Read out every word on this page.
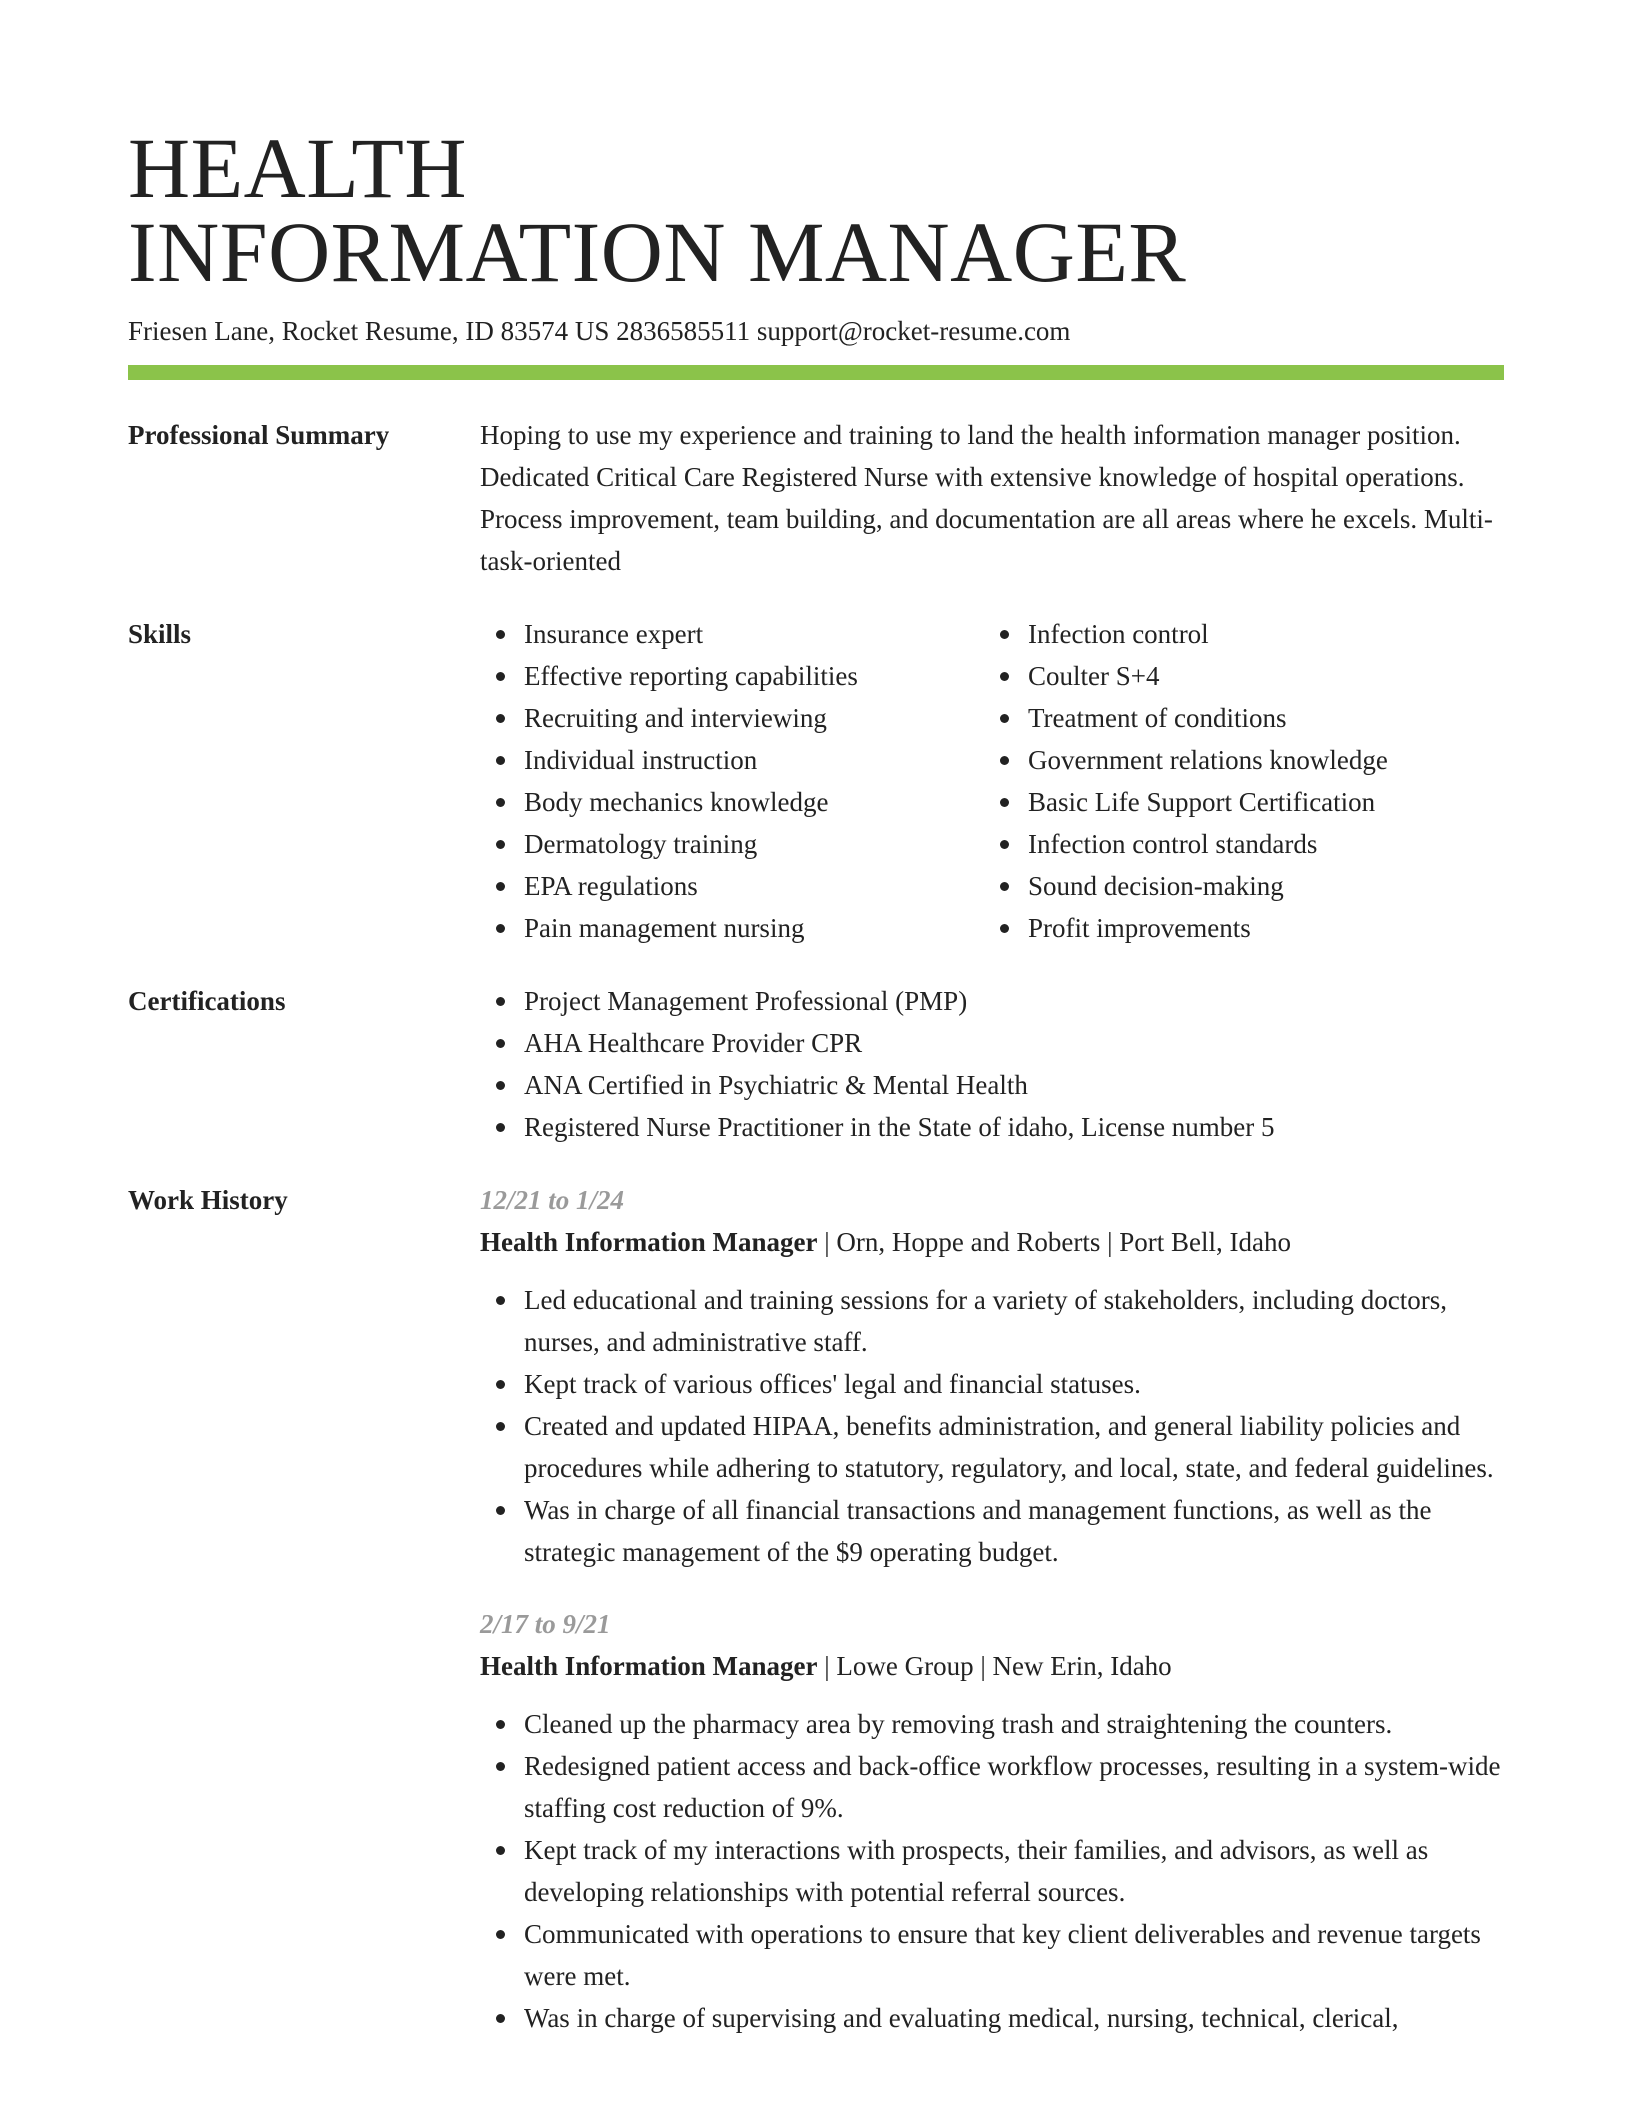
HEALTH
INFORMATION MANAGER
Friesen Lane, Rocket Resume, ID 83574 US 2836585511 support@rocket-resume.com
Professional Summary	Hoping to use my experience and training to land the health information manager position. Dedicated Critical Care Registered Nurse with extensive knowledge of hospital operations. Process improvement, team building, and documentation are all areas where he excels. Multi-task-oriented
Skills	Insurance expert
Effective reporting capabilities
Recruiting and interviewing
Individual instruction
Body mechanics knowledge
Dermatology training
EPA regulations
Pain management nursing
Infection control
Coulter S+4
Treatment of conditions
Government relations knowledge
Basic Life Support Certification
Infection control standards
Sound decision-making
Profit improvements
Certifications	Project Management Professional (PMP)
AHA Healthcare Provider CPR
ANA Certified in Psychiatric & Mental Health
Registered Nurse Practitioner in the State of idaho, License number 5
Work History	12/21 to 1/24
Health Information Manager | Orn, Hoppe and Roberts | Port Bell, Idaho
Led educational and training sessions for a variety of stakeholders, including doctors, nurses, and administrative staff.
Kept track of various offices' legal and financial statuses.
Created and updated HIPAA, benefits administration, and general liability policies and procedures while adhering to statutory, regulatory, and local, state, and federal guidelines.
Was in charge of all financial transactions and management functions, as well as the strategic management of the $9 operating budget.
2/17 to 9/21
Health Information Manager | Lowe Group | New Erin, Idaho
Cleaned up the pharmacy area by removing trash and straightening the counters.
Redesigned patient access and back-office workflow processes, resulting in a system-wide staffing cost reduction of 9%.
Kept track of my interactions with prospects, their families, and advisors, as well as developing relationships with potential referral sources.
Communicated with operations to ensure that key client deliverables and revenue targets were met.
Was in charge of supervising and evaluating medical, nursing, technical, clerical,
